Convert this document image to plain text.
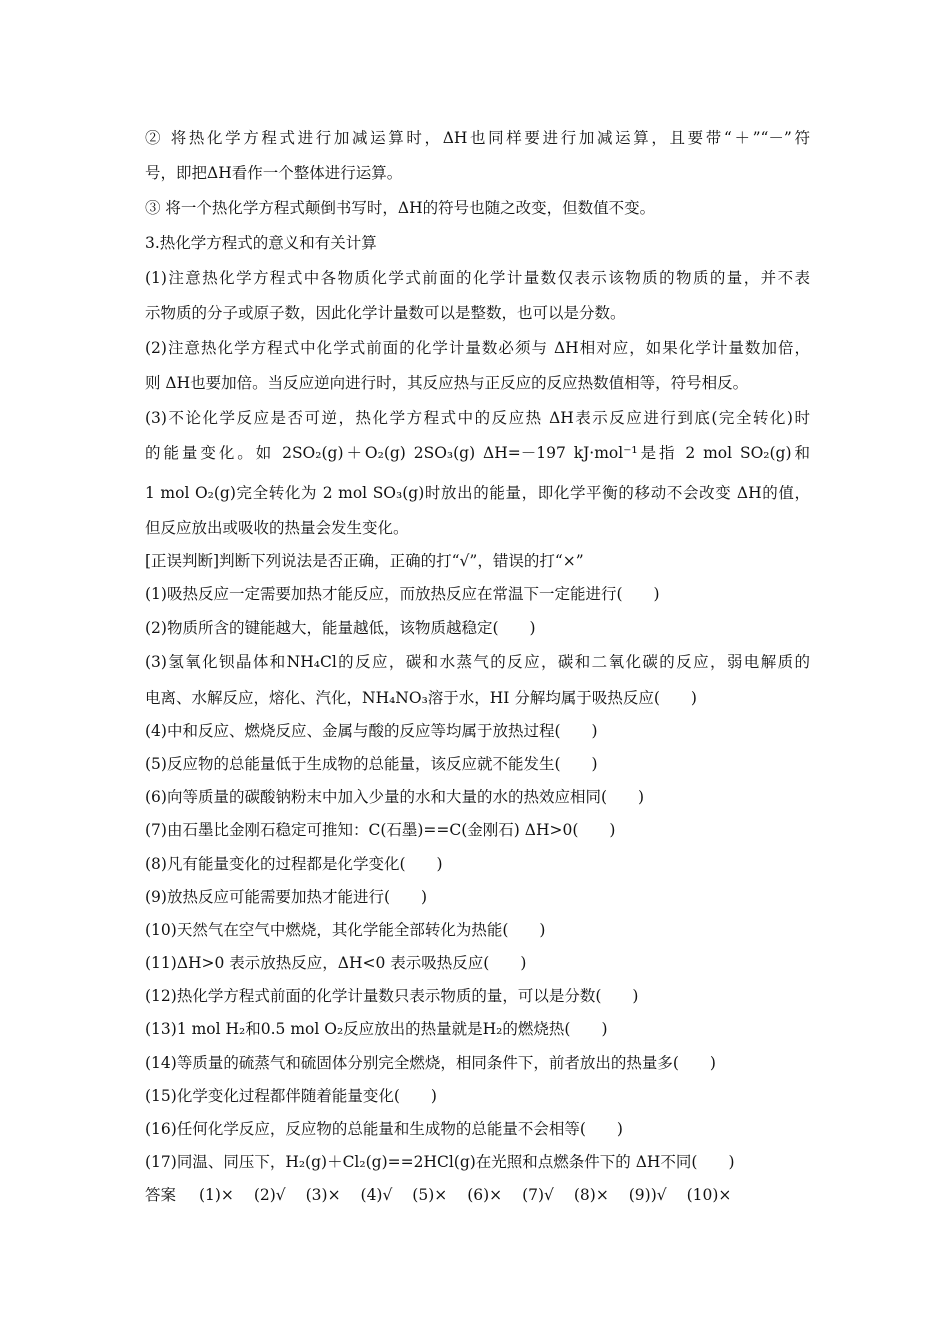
② 将热化学方程式进行加减运算时，ΔH也同样要进行加减运算，且要带“＋”“－”符
号，即把ΔH看作一个整体进行运算。
③ 将一个热化学方程式颠倒书写时，ΔH的符号也随之改变，但数值不变。
3.热化学方程式的意义和有关计算
(1)注意热化学方程式中各物质化学式前面的化学计量数仅表示该物质的物质的量，并不表
示物质的分子或原子数，因此化学计量数可以是整数，也可以是分数。
(2)注意热化学方程式中化学式前面的化学计量数必须与 ΔH相对应，如果化学计量数加倍，
则 ΔH也要加倍。当反应逆向进行时，其反应热与正反应的反应热数值相等，符号相反。
(3)不论化学反应是否可逆，热化学方程式中的反应热 ΔH表示反应进行到底(完全转化)时
的能量变化。如 2SO₂(g)＋O₂(g) 2SO₃(g) ΔH=－197 kJ·mol⁻¹是指 2 mol SO₂(g)和
1 mol O₂(g)完全转化为 2 mol SO₃(g)时放出的能量，即化学平衡的移动不会改变 ΔH的值，
但反应放出或吸收的热量会发生变化。
[正误判断]判断下列说法是否正确，正确的打“√”，错误的打“×”
(1)吸热反应一定需要加热才能反应，而放热反应在常温下一定能进行(　　)
(2)物质所含的键能越大，能量越低，该物质越稳定(　　)
(3)氢氧化钡晶体和NH₄Cl的反应，碳和水蒸气的反应，碳和二氧化碳的反应，弱电解质的
电离、水解反应，熔化、汽化，NH₄NO₃溶于水，HI 分解均属于吸热反应(　　)
(4)中和反应、燃烧反应、金属与酸的反应等均属于放热过程(　　)
(5)反应物的总能量低于生成物的总能量，该反应就不能发生(　　)
(6)向等质量的碳酸钠粉末中加入少量的水和大量的水的热效应相同(　　)
(7)由石墨比金刚石稳定可推知：C(石墨)==C(金刚石) ΔH>0(　　)
(8)凡有能量变化的过程都是化学变化(　　)
(9)放热反应可能需要加热才能进行(　　)
(10)天然气在空气中燃烧，其化学能全部转化为热能(　　)
(11)ΔH>0 表示放热反应，ΔH<0 表示吸热反应(　　)
(12)热化学方程式前面的化学计量数只表示物质的量，可以是分数(　　)
(13)1 mol H₂和0.5 mol O₂反应放出的热量就是H₂的燃烧热(　　)
(14)等质量的硫蒸气和硫固体分别完全燃烧，相同条件下，前者放出的热量多(　　)
(15)化学变化过程都伴随着能量变化(　　)
(16)任何化学反应，反应物的总能量和生成物的总能量不会相等(　　)
(17)同温、同压下，H₂(g)＋Cl₂(g)==2HCl(g)在光照和点燃条件下的 ΔH不同(　　)
答案 (1)× (2)√ (3)× (4)√ (5)× (6)× (7)√ (8)× (9))√ (10)×
